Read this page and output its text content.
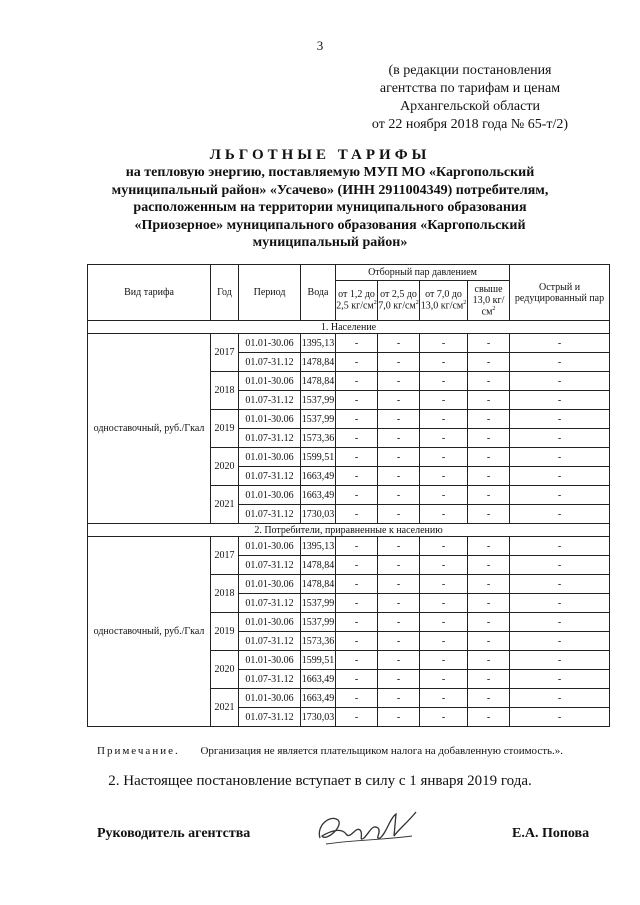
3
(в редакции постановления
агентства по тарифам и ценам
Архангельской области
от 22 ноября 2018 года № 65-т/2)
ЛЬГОТНЫЕ ТАРИФЫ
на тепловую энергию, поставляемую МУП МО «Каргопольский муниципальный район» «Усачево» (ИНН 2911004349) потребителям, расположенным на территории муниципального образования «Приозерное» муниципального образования «Каргопольский муниципальный район»
Вид тарифа	Год	Период	Вода	Отборный пар давлением				Острый и редуцированный пар
				от 1,2 до 2,5 $кг/см^2$	от 2,5 до 7,0 $кг/см^2$	от 7,0 до 13,0 $кг/см^2$	свыше 13,0 $кг/см^2$
1. Население								
одноставочный, руб./Гкал	2017	01.01-30.06	1395,13	-	-	-	-	-
		01.07-31.12	1478,84	-	-	-	-	-
	2018	01.01-30.06	1478,84	-	-	-	-	-
		01.07-31.12	1537,99	-	-	-	-	-
	2019	01.01-30.06	1537,99	-	-	-	-	-
		01.07-31.12	1573,36	-	-	-	-	-
	2020	01.01-30.06	1599,51	-	-	-	-	-
		01.07-31.12	1663,49	-	-	-	-	-
	2021	01.01-30.06	1663,49	-	-	-	-	-
		01.07-31.12	1730,03	-	-	-	-	-
2. Потребители, приравненные к населению								
одноставочный, руб./Гкал	2017	01.01-30.06	1395,13	-	-	-	-	-
		01.07-31.12	1478,84	-	-	-	-	-
	2018	01.01-30.06	1478,84	-	-	-	-	-
		01.07-31.12	1537,99	-	-	-	-	-
	2019	01.01-30.06	1537,99	-	-	-	-	-
		01.07-31.12	1573,36	-	-	-	-	-
	2020	01.01-30.06	1599,51	-	-	-	-	-
		01.07-31.12	1663,49	-	-	-	-	-
	2021	01.01-30.06	1663,49	-	-	-	-	-
		01.07-31.12	1730,03	-	-	-	-	-
Примечание. Организация не является плательщиком налога на добавленную стоимость.».
2. Настоящее постановление вступает в силу с 1 января 2019 года.
Руководитель агентства	Е.А. Попова
